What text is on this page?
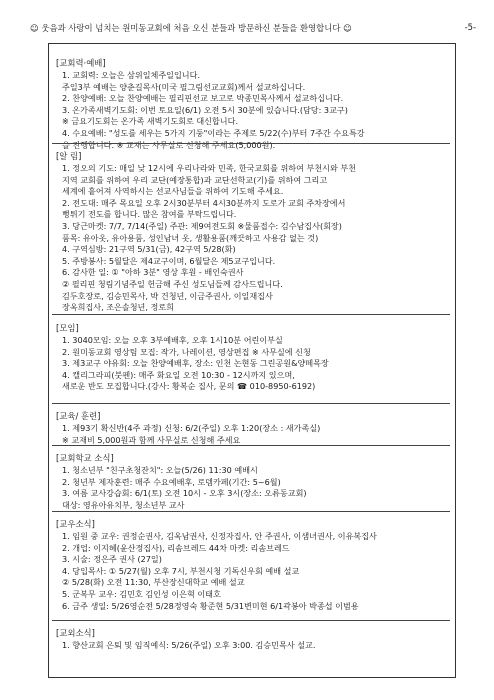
☺ 웃음과 사랑이 넘치는 원미동교회에 처음 오신 분들과 방문하신 분들을 환영합니다 ☺	-5-
[교회력·예배]
1. 교회력: 오늘은 삼위일체주일입니다.
주일3부 예배는 양춘길목사(미국 필그림선교교회)께서 설교하십니다.
2. 찬양예배: 오늘 찬양예배는 필리핀선교 보고로 박종민목사께서 설교하십니다.
3. 온가족새벽기도회: 이번 토요일(6/1) 오전 5시 30분에 있습니다.(담당: 3교구)
※ 금요기도회는 온가족 새벽기도회로 대신합니다.
4. 수요예배: "성도를 세우는 5가지 기둥"이라는 주제로 5/22(수)부터 7주간 수요특강
을 진행합니다. ※ 교재는 사무실로 신청해 주세요(5,000원).
[알 림]
1. 정오의 기도: 매일 낮 12시에 우리나라와 민족, 한국교회를 위하여 부천시와 부천
지역 교회를 위하여 우리 교단(예장통합)과 교단선학교(기)를 위하여 그리고
세계에 흩어져 사역하시는 선교사님들을 위하여 기도해 주세요.
2. 전도대: 매주 목요일 오후 2시30분부터 4시30분까지 도로가 교회 주차장에서
뻥튀기 전도를 합니다. 많은 참여를 부탁드립니다.
3. 당근마켓: 7/7, 7/14(주일) 주관: 제9여전도회 ※물품접수: 김수남집사(회장)
품목: 유아옷, 유아용품, 성인남녀 옷, 생활용품(깨끗하고 사용감 없는 것)
4. 구역심방: 21구역 5/31(금), 42구역 5/28(화)
5. 주방봉사: 5월달은 제4교구이며, 6월달은 제5교구입니다.
6. 감사한 일: ① "아하 3분" 영상 후원 - 배인숙권사
② 필리핀 청림기념주일 헌금해 주신 성도님들께 감사드립니다.
김두호장로, 김승민목사, 박 건청년, 이금주권사, 이일재집사
장옥희집사, 조은솔청년, 정로희
[모임]
1. 3040모임: 오늘 오후 3부예배후, 오후 1시10분 어린이부실
2. 원미동교회 영상팀 모집: 작가, 나레이션, 영상편집 ※ 사무실에 신청
3. 제3교구 야유회: 오늘 찬양예배후, 장소: 인천 논현동 그린공원&양떼목장
4. 캘리그라피(붓펜): 매주 화요일 오전 10:30 - 12시까지 있으며,
새로운 반도 모집합니다.(강사: 황복순 집사, 문의 ☎ 010-8950-6192)
[교육/ 훈련]
1. 제93기 확신반(4주 과정) 신청: 6/2(주일) 오후 1:20(장소 : 새가족실)
※ 교재비 5,000원과 함께 사무실로 신청해 주세요
[교회학교 소식]
1. 청소년부 "친구초청잔치": 오늘(5/26) 11:30 예배시
2. 청년부 제자훈련: 매주 수요예배후, 로뎀카페(기간: 5~6월)
3. 여름 교사강습회: 6/1(토) 오전 10시 - 오후 3시(장소: 오류동교회)
대상: 영유아유치부, 청소년부 교사
[교우소식]
1. 임원 중 교우: 권정순권사, 김옥남권사, 신정자집사, 안 주권사, 이샘녀권사, 이유복집사
2. 개업: 이지혜(윤산정집사), 리솜브레드 44차 마켓: 리솜브레드
3. 시술: 정은주 권사 (27일)
4. 당입목사: ① 5/27(월) 오후 7시, 부천시청 기독신우회 예배 설교
② 5/28(화) 오전 11:30, 부산장신대학교 예배 설교
5. 군복무 교우: 김민호 김인성 이은혁 이태호
6. 금주 생일: 5/26영순전 5/28정영숙 황준현 5/31변미현 6/1곽봉아 박종섭 이범용
[교외소식]
1. 향산교회 은퇴 및 임직예식: 5/26(주일) 오후 3:00. 김승민목사 설교.
